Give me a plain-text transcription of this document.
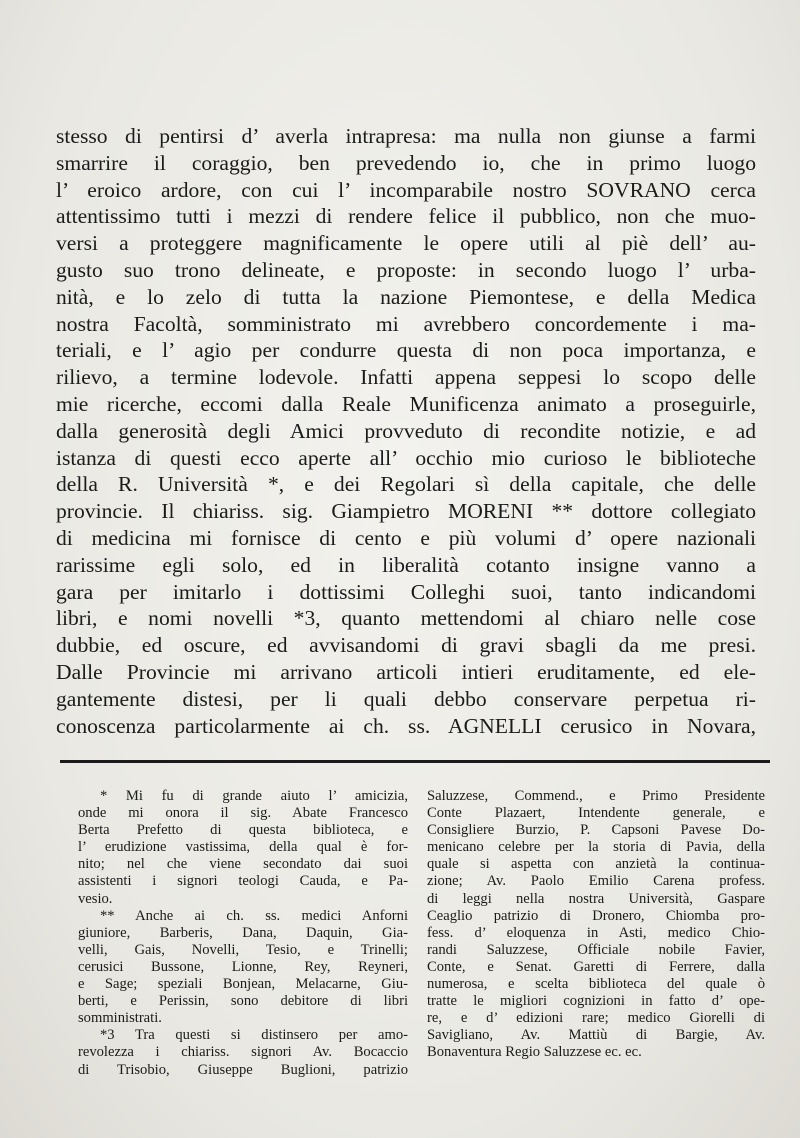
stesso di pentirsi d’ averla intrapresa: ma nulla non giunse a farmi
smarrire il coraggio, ben prevedendo io, che in primo luogo
l’ eroico ardore, con cui l’ incomparabile nostro SOVRANO cerca
attentissimo tutti i mezzi di rendere felice il pubblico, non che muo-
versi a proteggere magnificamente le opere utili al piè dell’ au-
gusto suo trono delineate, e proposte: in secondo luogo l’ urba-
nità, e lo zelo di tutta la nazione Piemontese, e della Medica
nostra Facoltà, somministrato mi avrebbero concordemente i ma-
teriali, e l’ agio per condurre questa di non poca importanza, e
rilievo, a termine lodevole. Infatti appena seppesi lo scopo delle
mie ricerche, eccomi dalla Reale Munificenza animato a proseguirle,
dalla generosità degli Amici provveduto di recondite notizie, e ad
istanza di questi ecco aperte all’ occhio mio curioso le biblioteche
della R. Università *, e dei Regolari sì della capitale, che delle
provincie. Il chiariss. sig. Giampietro MORENI ** dottore collegiato
di medicina mi fornisce di cento e più volumi d’ opere nazionali
rarissime egli solo, ed in liberalità cotanto insigne vanno a
gara per imitarlo i dottissimi Colleghi suoi, tanto indicandomi
libri, e nomi novelli *3, quanto mettendomi al chiaro nelle cose
dubbie, ed oscure, ed avvisandomi di gravi sbagli da me presi.
Dalle Provincie mi arrivano articoli intieri eruditamente, ed ele-
gantemente distesi, per li quali debbo conservare perpetua ri-
conoscenza particolarmente ai ch. ss. AGNELLI cerusico in Novara,
* Mi fu di grande aiuto l’ amicizia,
onde mi onora il sig. Abate Francesco
Berta Prefetto di questa biblioteca, e
l’ erudizione vastissima, della qual è for-
nito; nel che viene secondato dai suoi
assistenti i signori teologi Cauda, e Pa-
vesio.
** Anche ai ch. ss. medici Anforni
giuniore, Barberis, Dana, Daquin, Gia-
velli, Gais, Novelli, Tesio, e Trinelli;
cerusici Bussone, Lionne, Rey, Reyneri,
e Sage; speziali Bonjean, Melacarne, Giu-
berti, e Perissin, sono debitore di libri
somministrati.
*3 Tra questi si distinsero per amo-
revolezza i chiariss. signori Av. Bocaccio
di Trisobio, Giuseppe Buglioni, patrizio
Saluzzese, Commend., e Primo Presidente
Conte Plazaert, Intendente generale, e
Consigliere Burzio, P. Capsoni Pavese Do-
menicano celebre per la storia di Pavia, della
quale si aspetta con anzietà la continua-
zione; Av. Paolo Emilio Carena profess.
di leggi nella nostra Università, Gaspare
Ceaglio patrizio di Dronero, Chiomba pro-
fess. d’ eloquenza in Asti, medico Chio-
randi Saluzzese, Officiale nobile Favier,
Conte, e Senat. Garetti di Ferrere, dalla
numerosa, e scelta biblioteca del quale ò
tratte le migliori cognizioni in fatto d’ ope-
re, e d’ edizioni rare; medico Giorelli di
Savigliano, Av. Mattiù di Bargie, Av.
Bonaventura Regio Saluzzese ec. ec.
